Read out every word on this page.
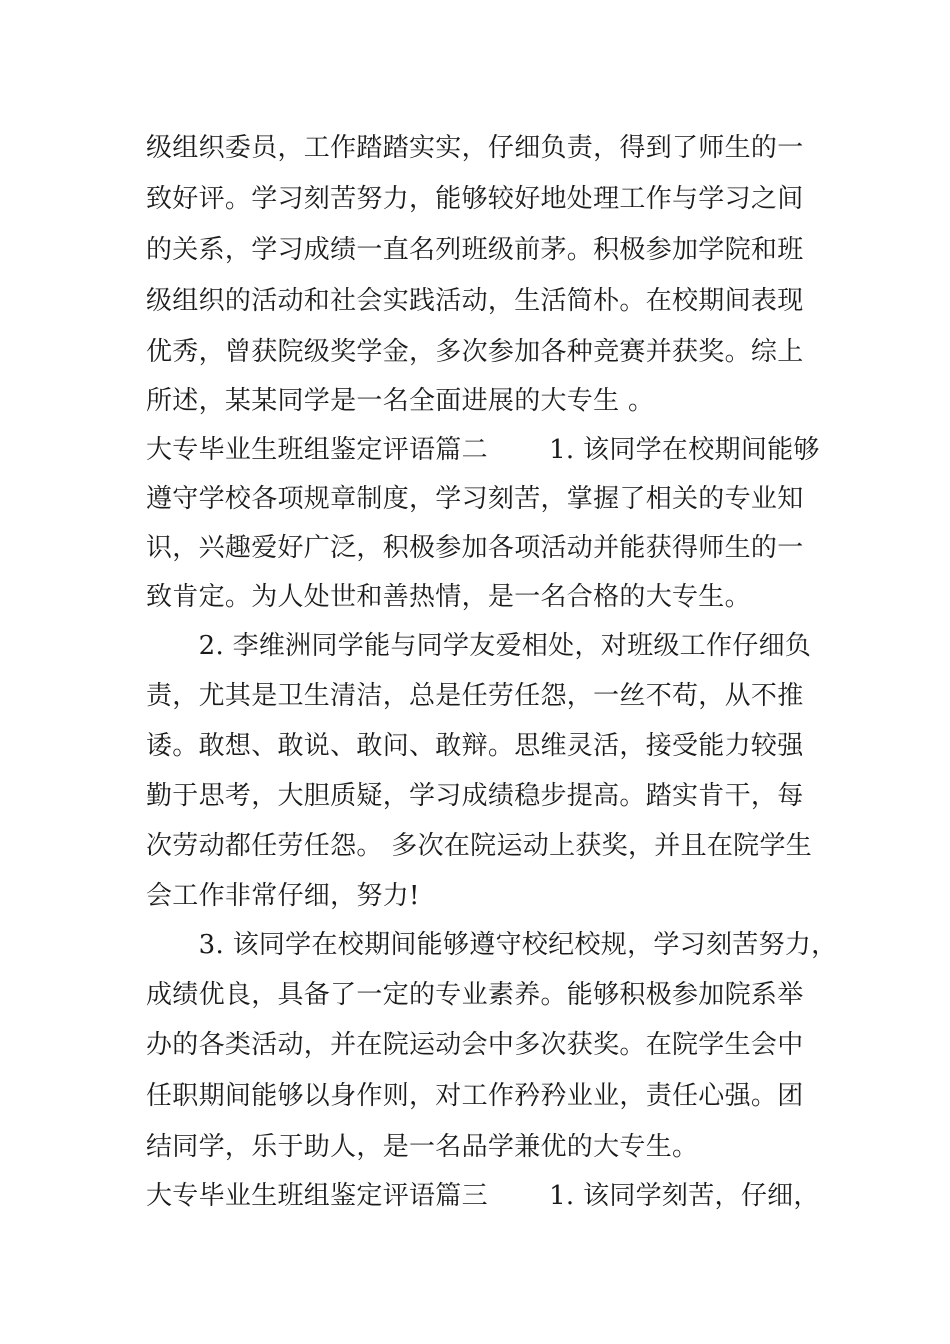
级组织委员，工作踏踏实实，仔细负责，得到了师生的一
致好评。学习刻苦努力，能够较好地处理工作与学习之间
的关系，学习成绩一直名列班级前茅。积极参加学院和班
级组织的活动和社会实践活动，生活简朴。在校期间表现
优秀，曾获院级奖学金，多次参加各种竞赛并获奖。综上
所述，某某同学是一名全面进展的大专生 。
大专毕业生班组鉴定评语篇二　　 1. 该同学在校期间能够
遵守学校各项规章制度，学习刻苦，掌握了相关的专业知
识，兴趣爱好广泛，积极参加各项活动并能获得师生的一
致肯定。为人处世和善热情，是一名合格的大专生。
　　2. 李维洲同学能与同学友爱相处，对班级工作仔细负
责，尤其是卫生清洁，总是任劳任怨，一丝不苟，从不推
诿。敢想、敢说、敢问、敢辩。思维灵活，接受能力较强
勤于思考，大胆质疑，学习成绩稳步提高。踏实肯干，每
次劳动都任劳任怨。 多次在院运动上获奖，并且在院学生
会工作非常仔细，努力!
　　3. 该同学在校期间能够遵守校纪校规，学习刻苦努力，
成绩优良，具备了一定的专业素养。能够积极参加院系举
办的各类活动，并在院运动会中多次获奖。在院学生会中
任职期间能够以身作则，对工作矜矜业业，责任心强。团
结同学，乐于助人，是一名品学兼优的大专生。
大专毕业生班组鉴定评语篇三　　 1. 该同学刻苦，仔细，
